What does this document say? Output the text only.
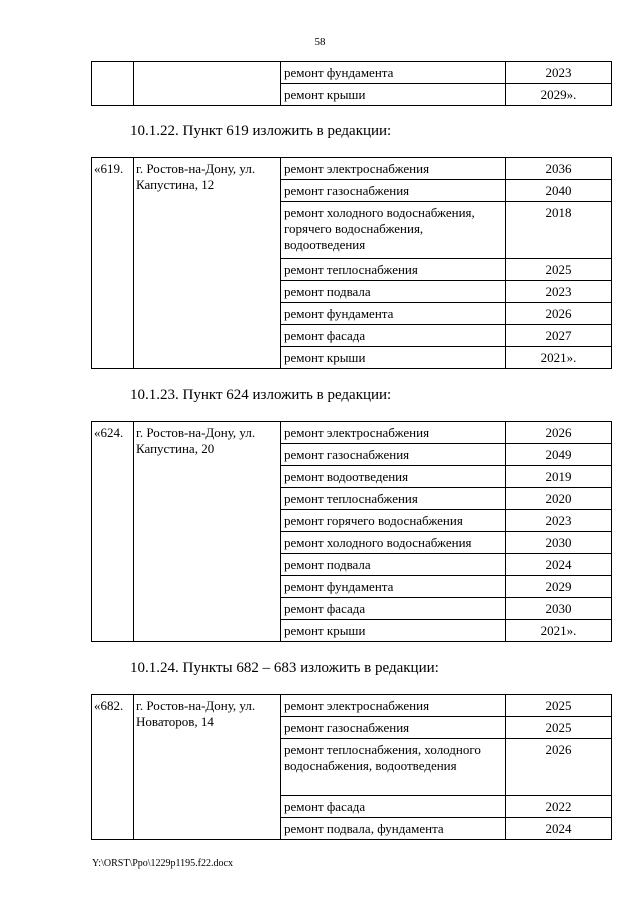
58
		ремонт фундамента	2023
		ремонт крыши	2029».
10.1.22. Пункт 619 изложить в редакции:
«619.	г. Ростов-на-Дону, ул. Капустина, 12	ремонт электроснабжения	2036
		ремонт газоснабжения	2040
		ремонт холодного водоснабжения, горячего водоснабжения, водоотведения	2018
		ремонт теплоснабжения	2025
		ремонт подвала	2023
		ремонт фундамента	2026
		ремонт фасада	2027
		ремонт крыши	2021».
10.1.23. Пункт 624 изложить в редакции:
«624.	г. Ростов-на-Дону, ул. Капустина, 20	ремонт электроснабжения	2026
		ремонт газоснабжения	2049
		ремонт водоотведения	2019
		ремонт теплоснабжения	2020
		ремонт горячего водоснабжения	2023
		ремонт холодного водоснабжения	2030
		ремонт подвала	2024
		ремонт фундамента	2029
		ремонт фасада	2030
		ремонт крыши	2021».
10.1.24. Пункты 682 – 683 изложить в редакции:
«682.	г. Ростов-на-Дону, ул. Новаторов, 14	ремонт электроснабжения	2025
		ремонт газоснабжения	2025
		ремонт теплоснабжения, холодного водоснабжения, водоотведения	2026
		ремонт фасада	2022
		ремонт подвала, фундамента	2024
Y:\ORST\Ppo\1229p1195.f22.docx
